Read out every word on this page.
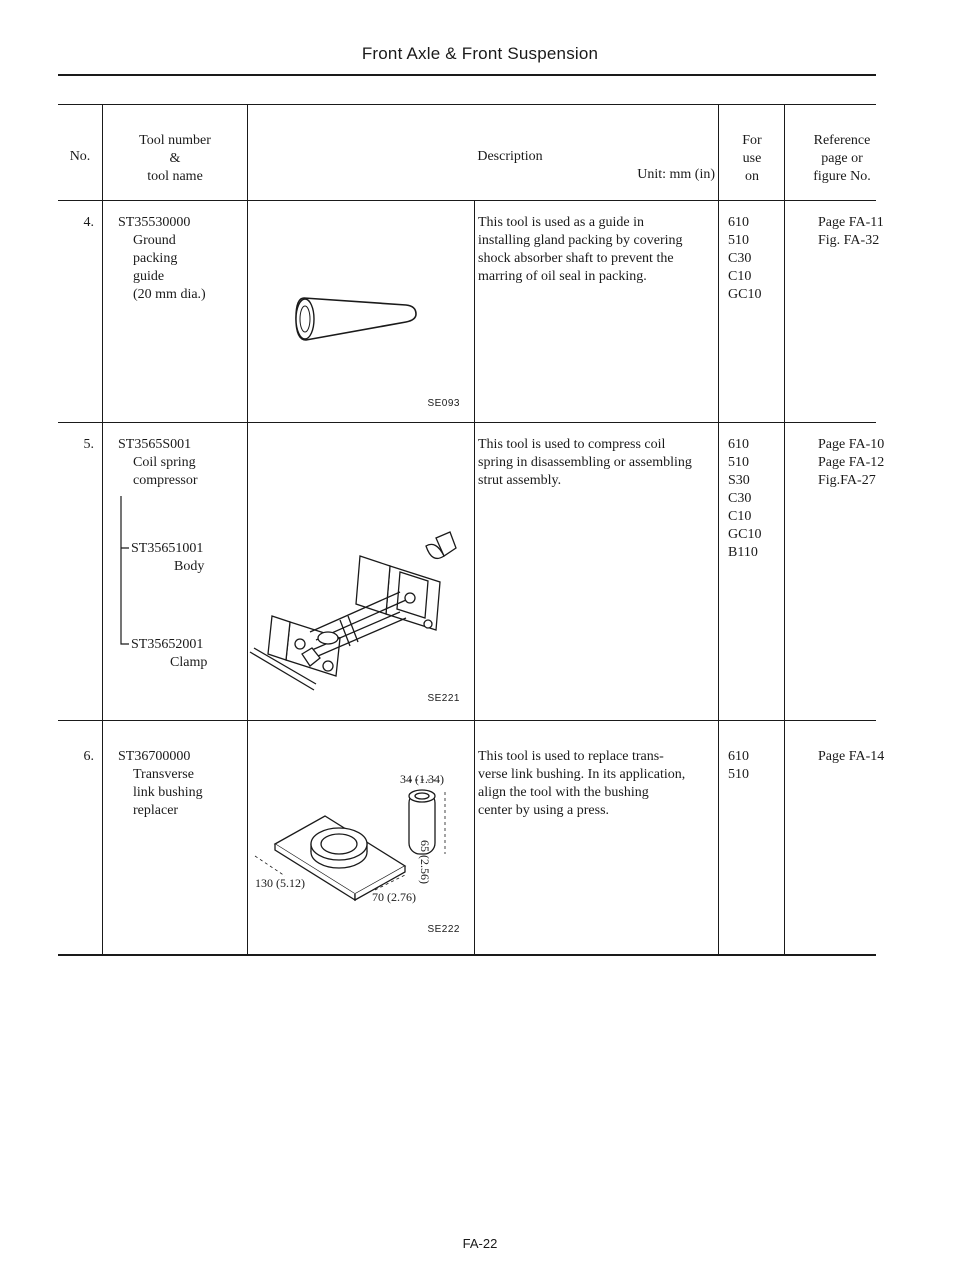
Front Axle & Front Suspension
No.
Tool number
&
tool name
Description
Unit: mm (in)
For
use
on
Reference
page or
figure No.
4. ST35530000
Ground
packing
guide
(20 mm dia.)
SE093
This tool is used as a guide in
installing gland packing by covering
shock absorber shaft to prevent the
marring of oil seal in packing.
610
510
C30
C10
GC10
Page FA-11
Fig. FA-32
5. ST3565S001
Coil spring
compressor
ST35651001
Body
ST35652001
Clamp
SE221
This tool is used to compress coil
spring in disassembling or assembling
strut assembly.
610
510
S30
C30
C10
GC10
B110
Page FA-10
Page FA-12
Fig.FA-27
6. ST36700000
Transverse
link bushing
replacer
34 (1.34)
65 (2.56)
130 (5.12)
70 (2.76)
SE222
This tool is used to replace trans-
verse link bushing. In its application,
align the tool with the bushing
center by using a press.
610
510
Page FA-14
FA-22
